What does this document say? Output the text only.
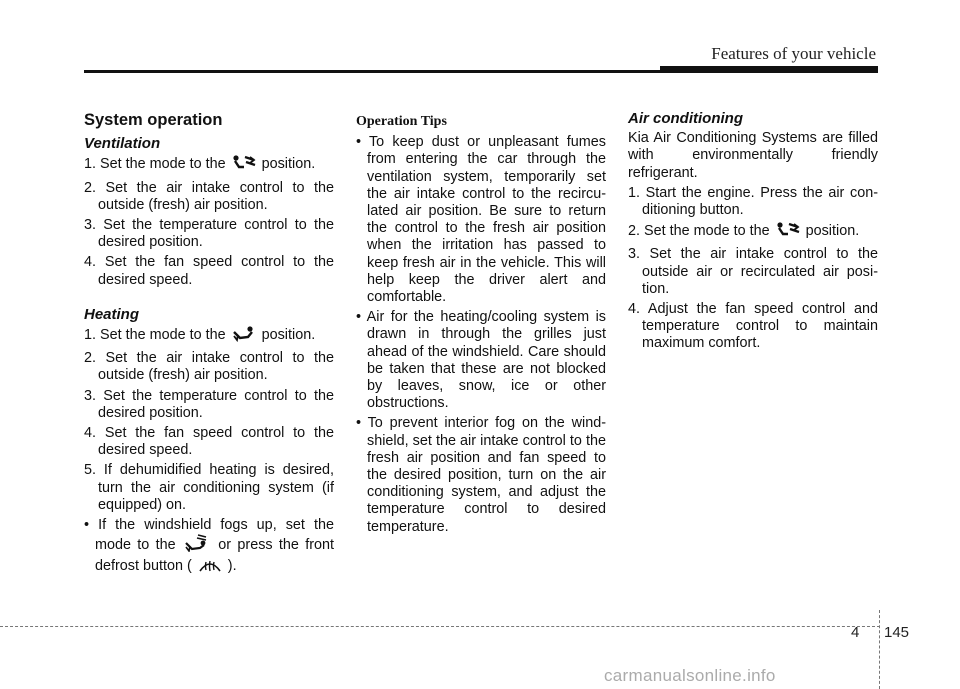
Features of your vehicle
System operation
Ventilation
1. Set the mode to the	position.
2. Set the air intake control to the outside (fresh) air position.
3. Set the temperature control to the desired position.
4. Set the fan speed control to the desired speed.
Heating
1. Set the mode to the	position.
2. Set the air intake control to the outside (fresh) air position.
3. Set the temperature control to the desired position.
4. Set the fan speed control to the desired speed.
5. If dehumidified heating is desired, turn the air conditioning system (if equipped) on.
• If the windshield fogs up, set the mode to the	or press the front defrost button (	).
Operation Tips
• To keep dust or unpleasant fumes from entering the car through the ventilation system, temporarily set the air intake control to the recircu-lated air position. Be sure to return the control to the fresh air position when the irritation has passed to keep fresh air in the vehicle. This will help keep the driver alert and comfortable.
• Air for the heating/cooling system is drawn in through the grilles just ahead of the windshield. Care should be taken that these are not blocked by leaves, snow, ice or other obstructions.
• To prevent interior fog on the wind-shield, set the air intake control to the fresh air position and fan speed to the desired position, turn on the air conditioning system, and adjust the temperature control to desired temperature.
Air conditioning

Kia Air Conditioning Systems are filled with environmentally friendly refrigerant.

1. Start the engine. Press the air con-ditioning button.
2. Set the mode to the	position.
3. Set the air intake control to the outside air or recirculated air posi-tion.
4. Adjust the fan speed control and temperature control to maintain maximum comfort.
4 145
carmanualsonline.info
